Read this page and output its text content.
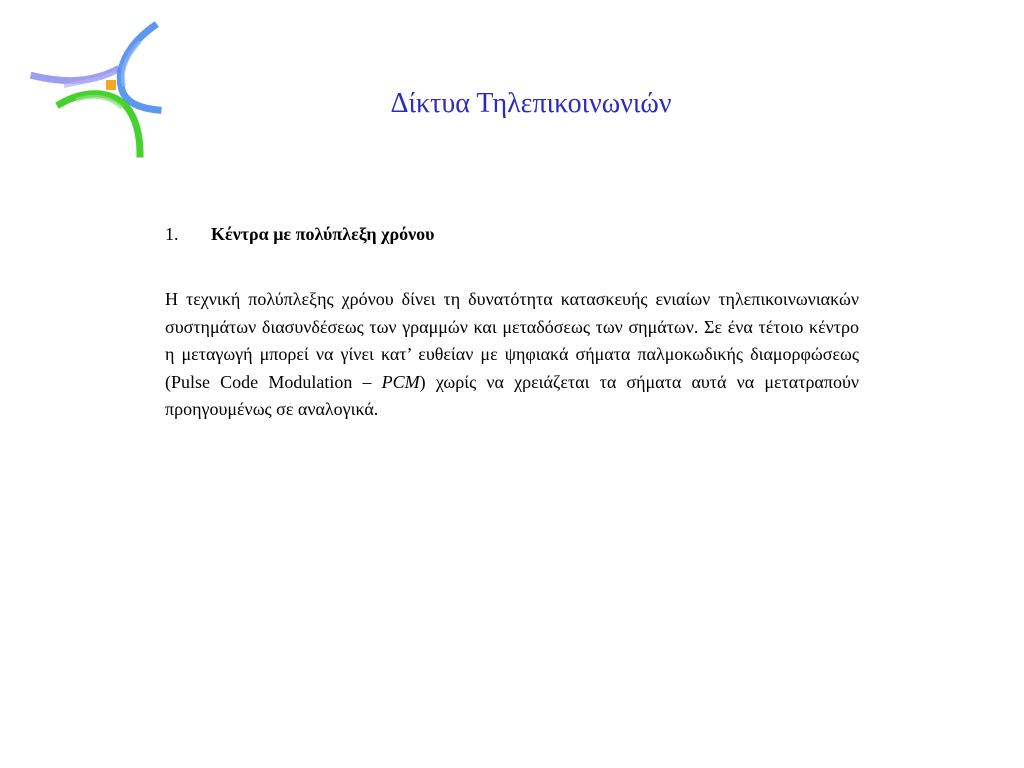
Δίκτυα Τηλεπικοινωνιών
1. Κέντρα με πολύπλεξη χρόνου

Η τεχνική πολύπλεξης χρόνου δίνει τη δυνατότητα κατασκευής ενιαίων τηλεπικοινωνιακών συστημάτων διασυνδέσεως των γραμμών και μεταδόσεως των σημάτων. Σε ένα τέτοιο κέντρο η μεταγωγή μπορεί να γίνει κατ’ ευθείαν με ψηφιακά σήματα παλμοκωδικής διαμορφώσεως (Pulse Code Modulation – PCM) χωρίς να χρειάζεται τα σήματα αυτά να μετατραπούν προηγουμένως σε αναλογικά.
